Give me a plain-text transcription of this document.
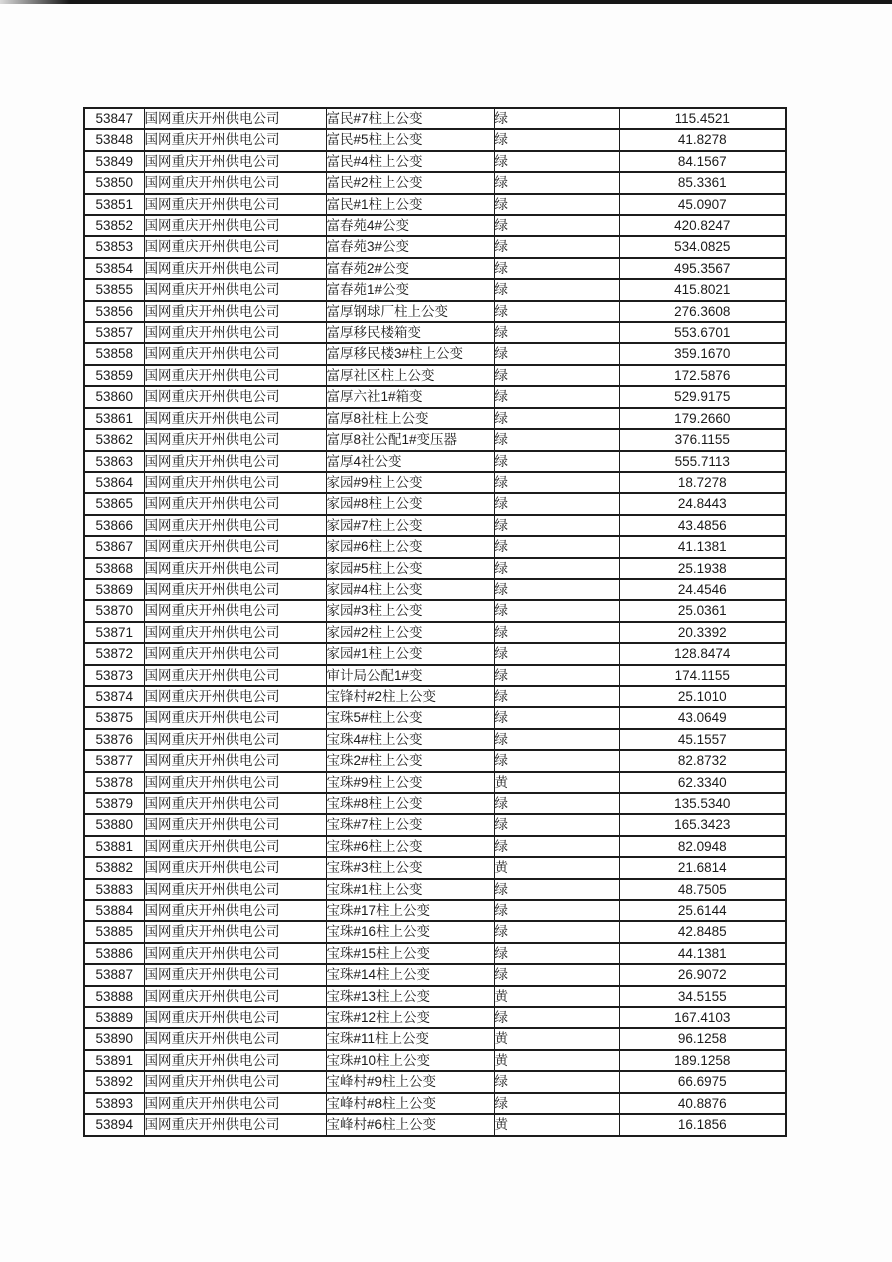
53847	国网重庆开州供电公司	富民#7柱上公变	绿	115.4521
53848	国网重庆开州供电公司	富民#5柱上公变	绿	41.8278
53849	国网重庆开州供电公司	富民#4柱上公变	绿	84.1567
53850	国网重庆开州供电公司	富民#2柱上公变	绿	85.3361
53851	国网重庆开州供电公司	富民#1柱上公变	绿	45.0907
53852	国网重庆开州供电公司	富春苑4#公变	绿	420.8247
53853	国网重庆开州供电公司	富春苑3#公变	绿	534.0825
53854	国网重庆开州供电公司	富春苑2#公变	绿	495.3567
53855	国网重庆开州供电公司	富春苑1#公变	绿	415.8021
53856	国网重庆开州供电公司	富厚钢球厂柱上公变	绿	276.3608
53857	国网重庆开州供电公司	富厚移民楼箱变	绿	553.6701
53858	国网重庆开州供电公司	富厚移民楼3#柱上公变	绿	359.1670
53859	国网重庆开州供电公司	富厚社区柱上公变	绿	172.5876
53860	国网重庆开州供电公司	富厚六社1#箱变	绿	529.9175
53861	国网重庆开州供电公司	富厚8社柱上公变	绿	179.2660
53862	国网重庆开州供电公司	富厚8社公配1#变压器	绿	376.1155
53863	国网重庆开州供电公司	富厚4社公变	绿	555.7113
53864	国网重庆开州供电公司	家园#9柱上公变	绿	18.7278
53865	国网重庆开州供电公司	家园#8柱上公变	绿	24.8443
53866	国网重庆开州供电公司	家园#7柱上公变	绿	43.4856
53867	国网重庆开州供电公司	家园#6柱上公变	绿	41.1381
53868	国网重庆开州供电公司	家园#5柱上公变	绿	25.1938
53869	国网重庆开州供电公司	家园#4柱上公变	绿	24.4546
53870	国网重庆开州供电公司	家园#3柱上公变	绿	25.0361
53871	国网重庆开州供电公司	家园#2柱上公变	绿	20.3392
53872	国网重庆开州供电公司	家园#1柱上公变	绿	128.8474
53873	国网重庆开州供电公司	审计局公配1#变	绿	174.1155
53874	国网重庆开州供电公司	宝锋村#2柱上公变	绿	25.1010
53875	国网重庆开州供电公司	宝珠5#柱上公变	绿	43.0649
53876	国网重庆开州供电公司	宝珠4#柱上公变	绿	45.1557
53877	国网重庆开州供电公司	宝珠2#柱上公变	绿	82.8732
53878	国网重庆开州供电公司	宝珠#9柱上公变	黄	62.3340
53879	国网重庆开州供电公司	宝珠#8柱上公变	绿	135.5340
53880	国网重庆开州供电公司	宝珠#7柱上公变	绿	165.3423
53881	国网重庆开州供电公司	宝珠#6柱上公变	绿	82.0948
53882	国网重庆开州供电公司	宝珠#3柱上公变	黄	21.6814
53883	国网重庆开州供电公司	宝珠#1柱上公变	绿	48.7505
53884	国网重庆开州供电公司	宝珠#17柱上公变	绿	25.6144
53885	国网重庆开州供电公司	宝珠#16柱上公变	绿	42.8485
53886	国网重庆开州供电公司	宝珠#15柱上公变	绿	44.1381
53887	国网重庆开州供电公司	宝珠#14柱上公变	绿	26.9072
53888	国网重庆开州供电公司	宝珠#13柱上公变	黄	34.5155
53889	国网重庆开州供电公司	宝珠#12柱上公变	绿	167.4103
53890	国网重庆开州供电公司	宝珠#11柱上公变	黄	96.1258
53891	国网重庆开州供电公司	宝珠#10柱上公变	黄	189.1258
53892	国网重庆开州供电公司	宝峰村#9柱上公变	绿	66.6975
53893	国网重庆开州供电公司	宝峰村#8柱上公变	绿	40.8876
53894	国网重庆开州供电公司	宝峰村#6柱上公变	黄	16.1856
